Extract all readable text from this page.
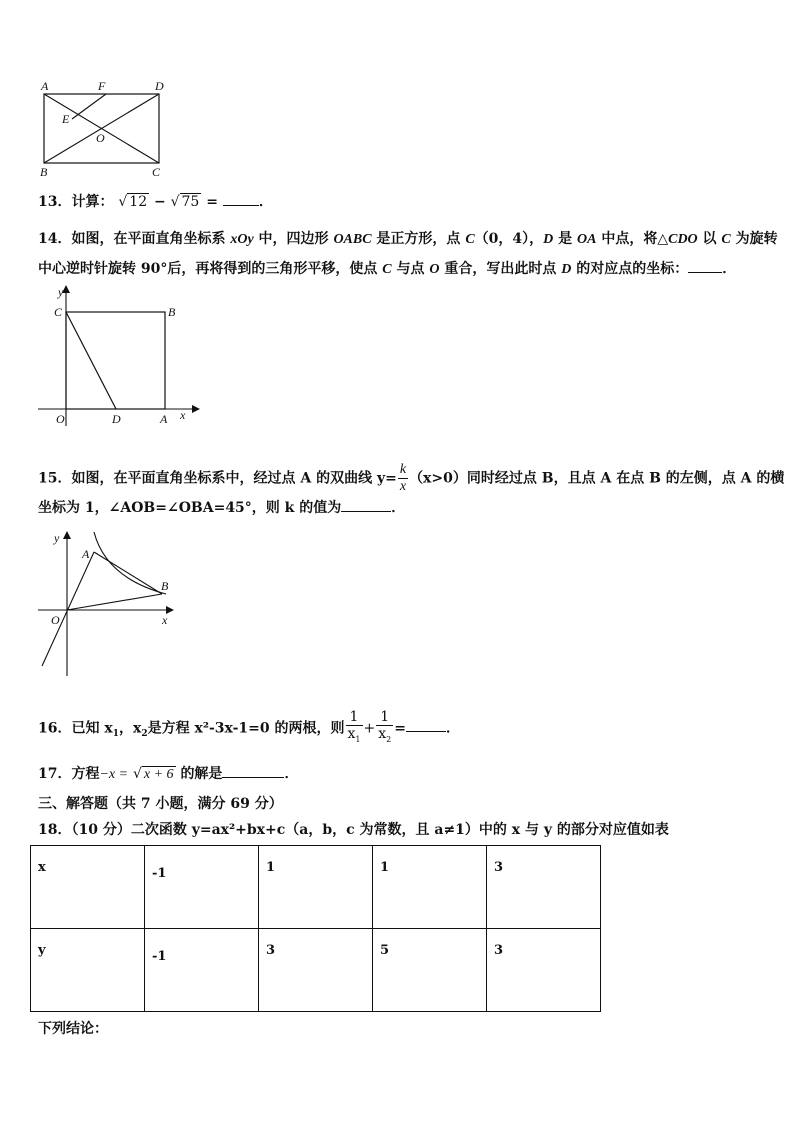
A	F	D
E
O
B	C
13．计算： √ 12 − √ 75 =	．
14．如图，在平面直角坐标系 xOy 中，四边形 OABC 是正方形，点 C（0，4），D 是 OA 中点，将△CDO 以 C 为旋转
中心逆时针旋转 90°后，再将得到的三角形平移，使点 C 与点 O 重合，写出此时点 D 的对应点的坐标： ．
y
C	B
O	D	A x
15．如图，在平面直角坐标系中，经过点 A 的双曲线 $y= \frac{k}{x} (x>0)$同时经过点 B，且点 A 在点 B 的左侧，点 A 的横
坐标为 1，∠AOB=∠OBA=45°，则 k 的值为	．
y
A
B
O	x
16．已知 $x_1$，$x_2$是方程 x²-3x-1=0 的两根，则 $\frac{1}{x_1} + \frac{1}{x_2}$ =	．
17．方程−x = √ x + 6 的解是	．
三、解答题（共 7 小题，满分 69 分）
18．（10 分）二次函数 y=ax²+bx+c（a，b，c 为常数，且 a≠1）中的 x 与 y 的部分对应值如表
x	-1	1	1	3
y	-1	3	5	3
下列结论：
